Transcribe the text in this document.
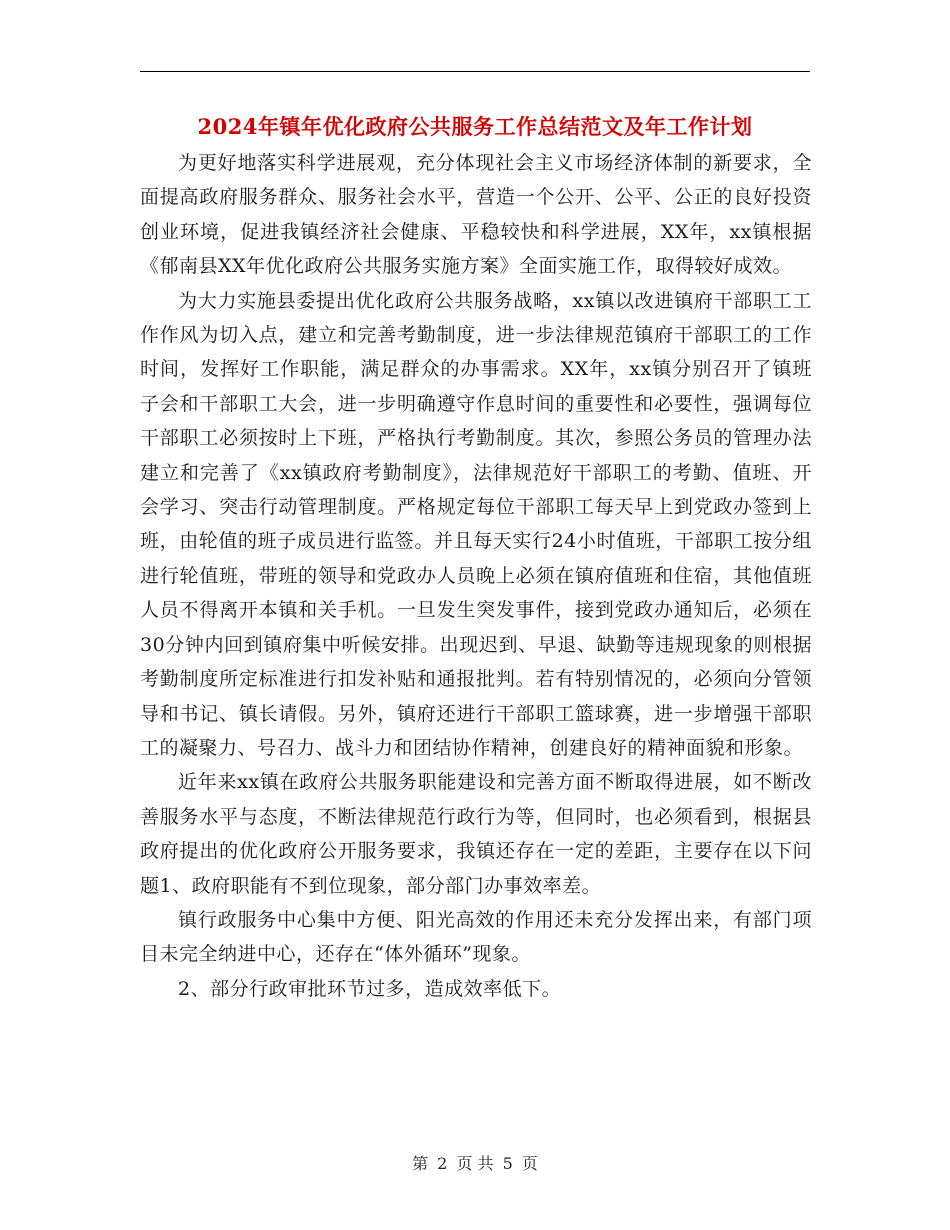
2024年镇年优化政府公共服务工作总结范文及年工作计划

为更好地落实科学进展观，充分体现社会主义市场经济体制的新要求，全面提高政府服务群众、服务社会水平，营造一个公开、公平、公正的良好投资创业环境，促进我镇经济社会健康、平稳较快和科学进展，XX年，xx镇根据《郁南县XX年优化政府公共服务实施方案》全面实施工作，取得较好成效。

为大力实施县委提出优化政府公共服务战略，xx镇以改进镇府干部职工工作作风为切入点，建立和完善考勤制度，进一步法律规范镇府干部职工的工作时间，发挥好工作职能，满足群众的办事需求。XX年，xx镇分别召开了镇班子会和干部职工大会，进一步明确遵守作息时间的重要性和必要性，强调每位干部职工必须按时上下班，严格执行考勤制度。其次，参照公务员的管理办法建立和完善了《xx镇政府考勤制度》，法律规范好干部职工的考勤、值班、开会学习、突击行动管理制度。严格规定每位干部职工每天早上到党政办签到上班，由轮值的班子成员进行监签。并且每天实行24小时值班，干部职工按分组进行轮值班，带班的领导和党政办人员晚上必须在镇府值班和住宿，其他值班人员不得离开本镇和关手机。一旦发生突发事件，接到党政办通知后，必须在30分钟内回到镇府集中听候安排。出现迟到、早退、缺勤等违规现象的则根据考勤制度所定标准进行扣发补贴和通报批判。若有特别情况的，必须向分管领导和书记、镇长请假。另外，镇府还进行干部职工篮球赛，进一步增强干部职工的凝聚力、号召力、战斗力和团结协作精神，创建良好的精神面貌和形象。

近年来xx镇在政府公共服务职能建设和完善方面不断取得进展，如不断改善服务水平与态度，不断法律规范行政行为等，但同时，也必须看到，根据县政府提出的优化政府公开服务要求，我镇还存在一定的差距，主要存在以下问题1、政府职能有不到位现象，部分部门办事效率差。

镇行政服务中心集中方便、阳光高效的作用还未充分发挥出来，有部门项目未完全纳进中心，还存在“体外循环”现象。

2、部分行政审批环节过多，造成效率低下。

第 2 页 共 5 页
